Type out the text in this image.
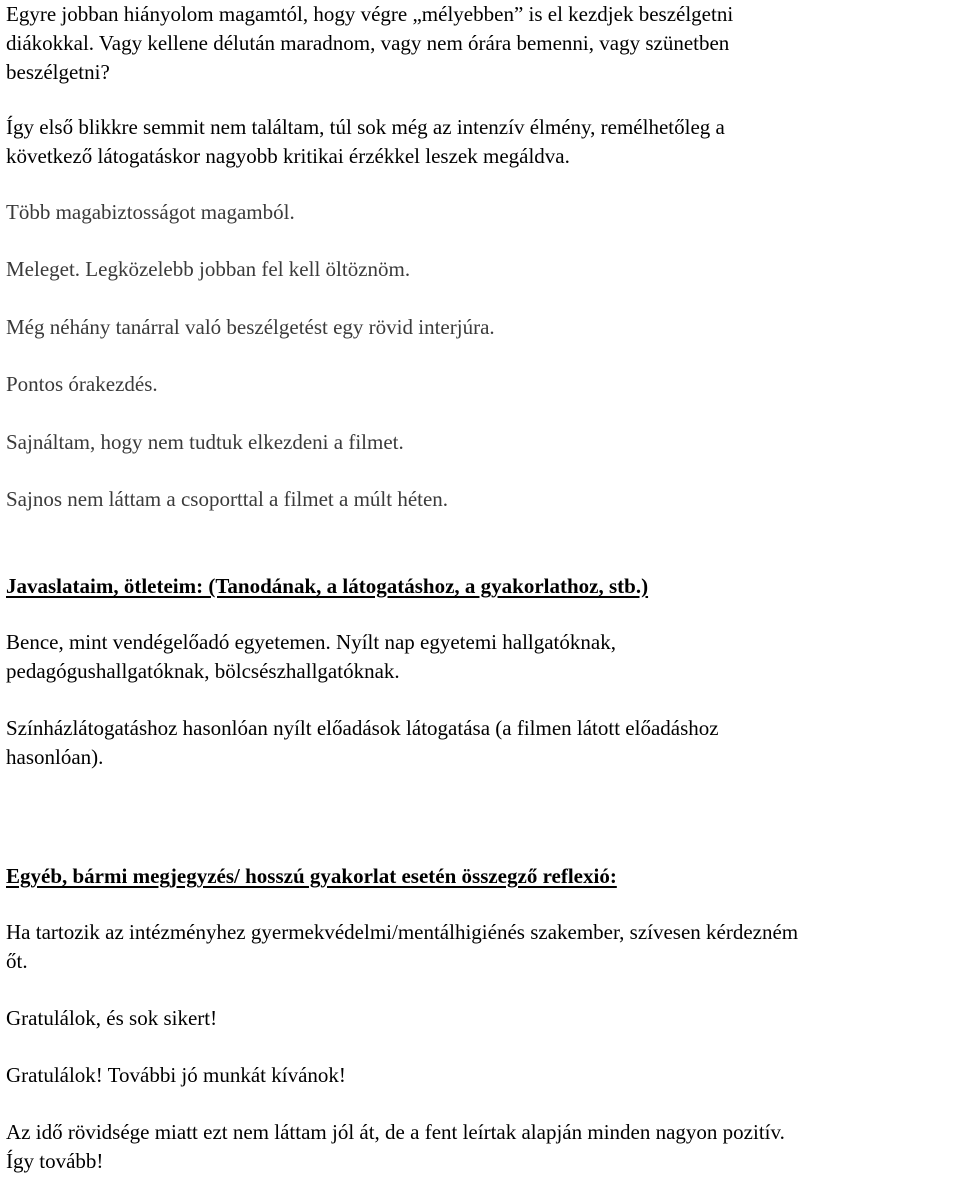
Egyre jobban hiányolom magamtól, hogy végre „mélyebben” is el kezdjek beszélgetni
diákokkal. Vagy kellene délután maradnom, vagy nem órára bemenni, vagy szünetben
beszélgetni?

Így első blikkre semmit nem találtam, túl sok még az intenzív élmény, remélhetőleg a
következő látogatáskor nagyobb kritikai érzékkel leszek megáldva.

Több magabiztosságot magamból.

Meleget. Legközelebb jobban fel kell öltöznöm.

Még néhány tanárral való beszélgetést egy rövid interjúra.

Pontos órakezdés.

Sajnáltam, hogy nem tudtuk elkezdeni a filmet.

Sajnos nem láttam a csoporttal a filmet a múlt héten.

Javaslataim, ötleteim: (Tanodának, a látogatáshoz, a gyakorlathoz, stb.)

Bence, mint vendégelőadó egyetemen. Nyílt nap egyetemi hallgatóknak,
pedagógushallgatóknak, bölcsészhallgatóknak.

Színházlátogatáshoz hasonlóan nyílt előadások látogatása (a filmen látott előadáshoz
hasonlóan).

Egyéb, bármi megjegyzés/ hosszú gyakorlat esetén összegző reflexió:

Ha tartozik az intézményhez gyermekvédelmi/mentálhigiénés szakember, szívesen kérdezném
őt.

Gratulálok, és sok sikert!

Gratulálok! További jó munkát kívánok!

Az idő rövidsége miatt ezt nem láttam jól át, de a fent leírtak alapján minden nagyon pozitív.
Így tovább!
